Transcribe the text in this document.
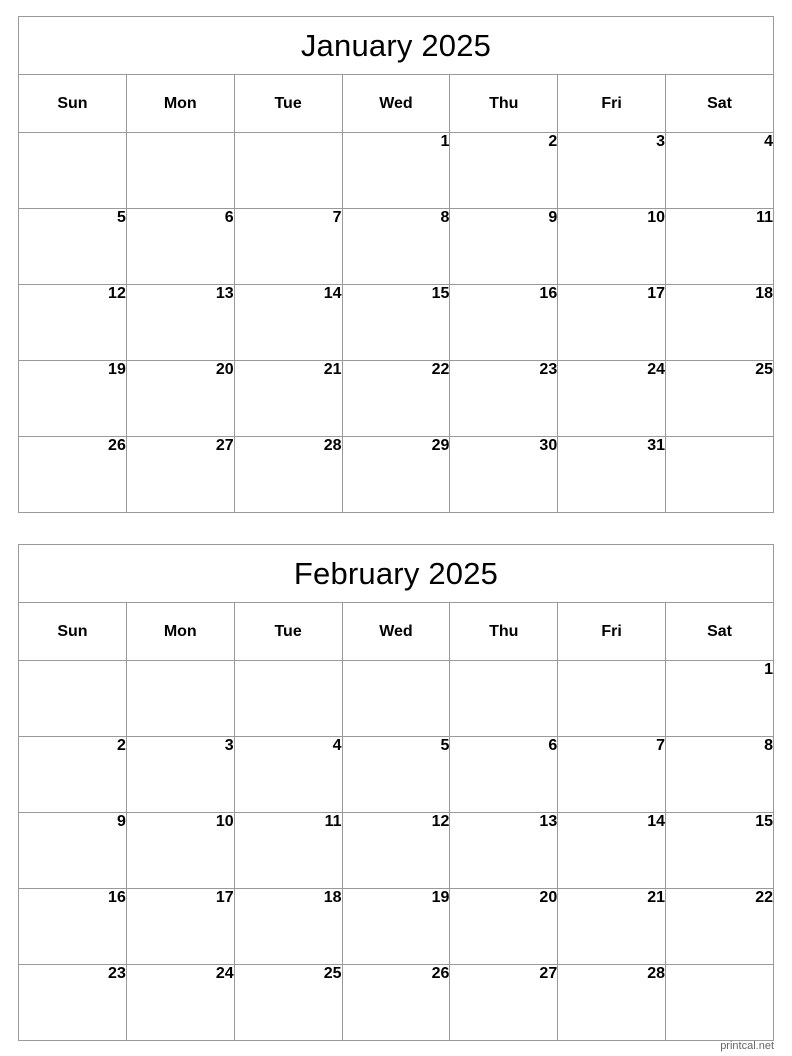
January 2025						
Sun	Mon	Tue	Wed	Thu	Fri	Sat
			1	2	3	4
5	6	7	8	9	10	11
12	13	14	15	16	17	18
19	20	21	22	23	24	25
26	27	28	29	30	31	
February 2025						
Sun	Mon	Tue	Wed	Thu	Fri	Sat
						1
2	3	4	5	6	7	8
9	10	11	12	13	14	15
16	17	18	19	20	21	22
23	24	25	26	27	28	
printcal.net
